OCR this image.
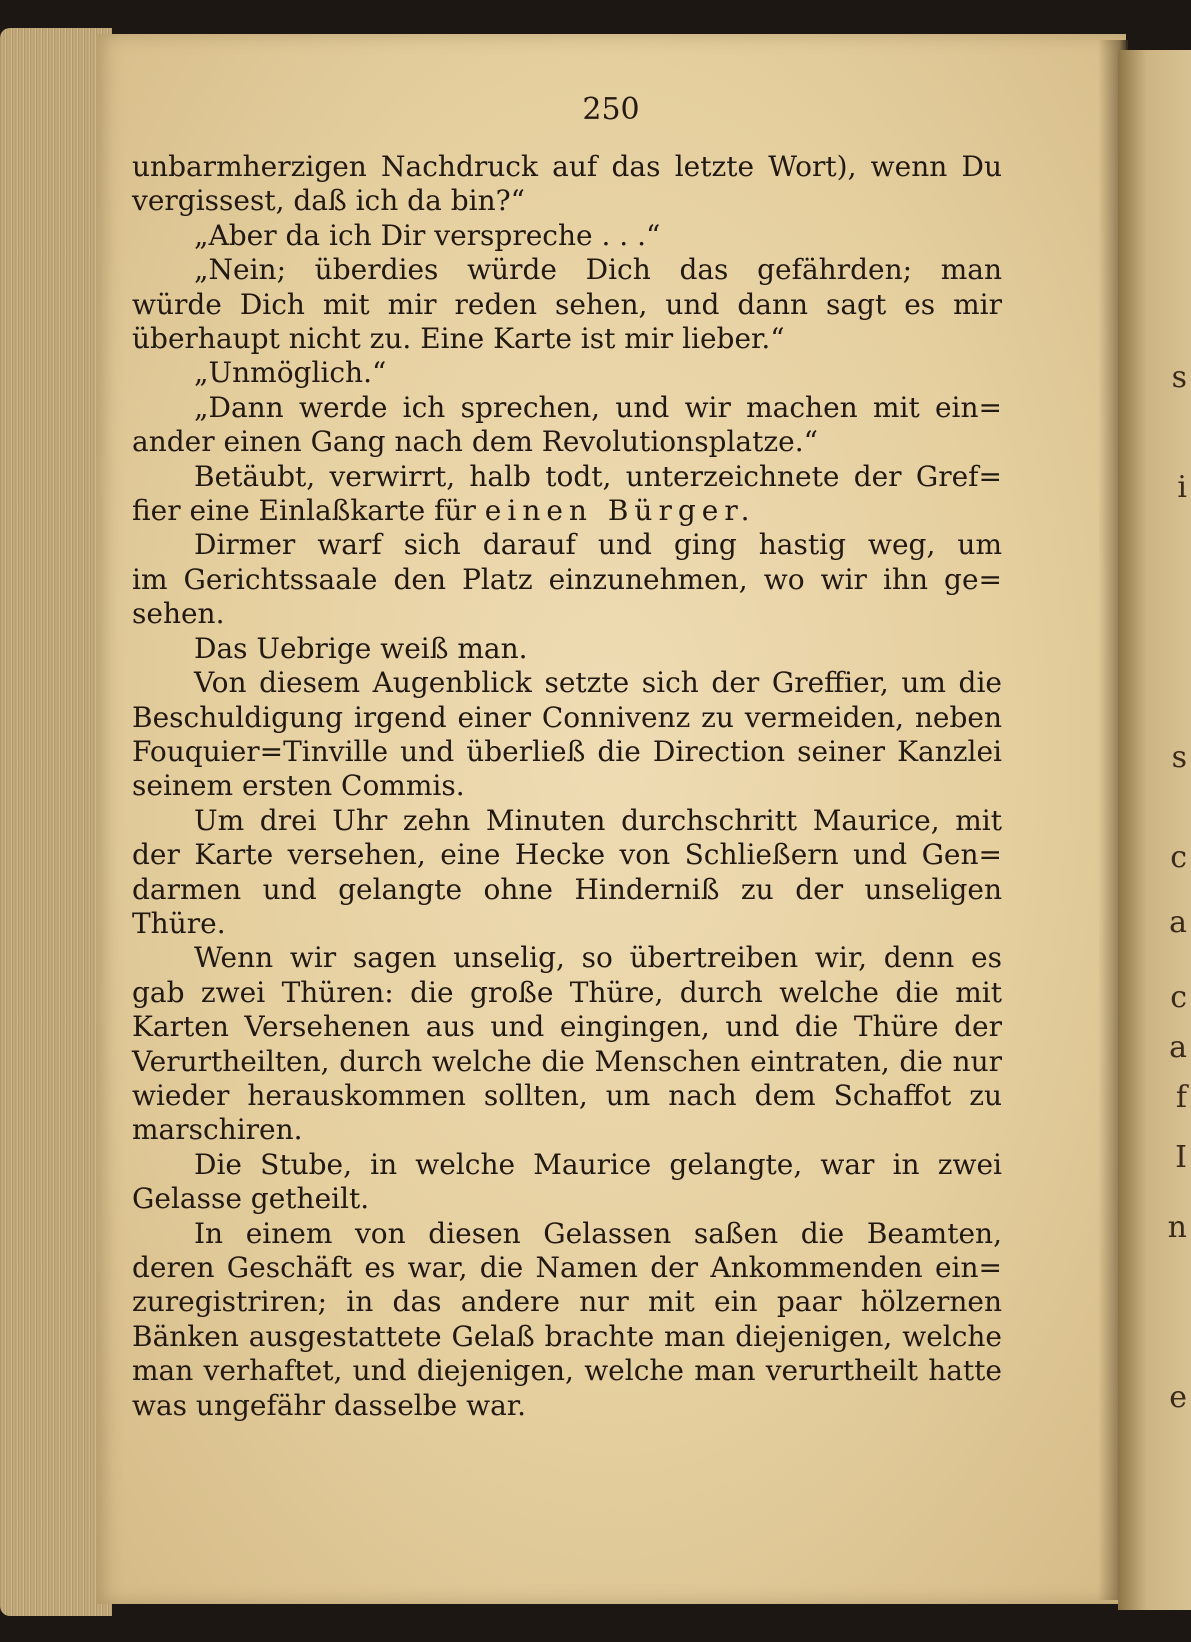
250
s
i
s
c
a
c
a
f
I
n
e
unbarmherzigen Nachdruck auf das letzte Wort), wenn Du
vergissest, daß ich da bin?“
„Aber da ich Dir verspreche . . .“
„Nein; überdies würde Dich das gefährden; man
würde Dich mit mir reden sehen, und dann sagt es mir
überhaupt nicht zu. Eine Karte ist mir lieber.“
„Unmöglich.“
„Dann werde ich sprechen, und wir machen mit ein=
ander einen Gang nach dem Revolutionsplatze.“
Betäubt, verwirrt, halb todt, unterzeichnete der Gref=
fier eine Einlaßkarte für einen Bürger.
Dirmer warf sich darauf und ging hastig weg, um
im Gerichtssaale den Platz einzunehmen, wo wir ihn ge=
sehen.
Das Uebrige weiß man.
Von diesem Augenblick setzte sich der Greffier, um die
Beschuldigung irgend einer Connivenz zu vermeiden, neben
Fouquier=Tinville und überließ die Direction seiner Kanzlei
seinem ersten Commis.
Um drei Uhr zehn Minuten durchschritt Maurice, mit
der Karte versehen, eine Hecke von Schließern und Gen=
darmen und gelangte ohne Hinderniß zu der unseligen
Thüre.
Wenn wir sagen unselig, so übertreiben wir, denn es
gab zwei Thüren: die große Thüre, durch welche die mit
Karten Versehenen aus und eingingen, und die Thüre der
Verurtheilten, durch welche die Menschen eintraten, die nur
wieder herauskommen sollten, um nach dem Schaffot zu
marschiren.
Die Stube, in welche Maurice gelangte, war in zwei
Gelasse getheilt.
In einem von diesen Gelassen saßen die Beamten,
deren Geschäft es war, die Namen der Ankommenden ein=
zuregistriren; in das andere nur mit ein paar hölzernen
Bänken ausgestattete Gelaß brachte man diejenigen, welche
man verhaftet, und diejenigen, welche man verurtheilt hatte
was ungefähr dasselbe war.
